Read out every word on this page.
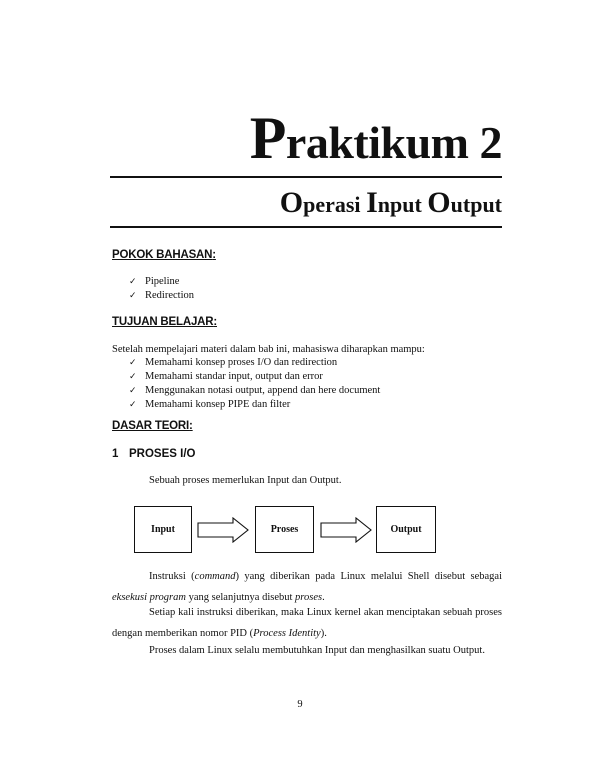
Praktikum 2
Operasi Input Output
POKOK BAHASAN:
✓ Pipeline
✓ Redirection
TUJUAN BELAJAR:
Setelah mempelajari materi dalam bab ini, mahasiswa diharapkan mampu:
✓ Memahami konsep proses I/O dan redirection
✓ Memahami standar input, output dan error
✓ Menggunakan notasi output, append dan here document
✓ Memahami konsep PIPE dan filter
DASAR TEORI:
1 PROSES I/O
Sebuah proses memerlukan Input dan Output.
Input	Proses	Output
Instruksi (command) yang diberikan pada Linux melalui Shell disebut sebagai eksekusi program yang selanjutnya disebut proses.
Setiap kali instruksi diberikan, maka Linux kernel akan menciptakan sebuah proses dengan memberikan nomor PID (Process Identity).
Proses dalam Linux selalu membutuhkan Input dan menghasilkan suatu Output.
9
